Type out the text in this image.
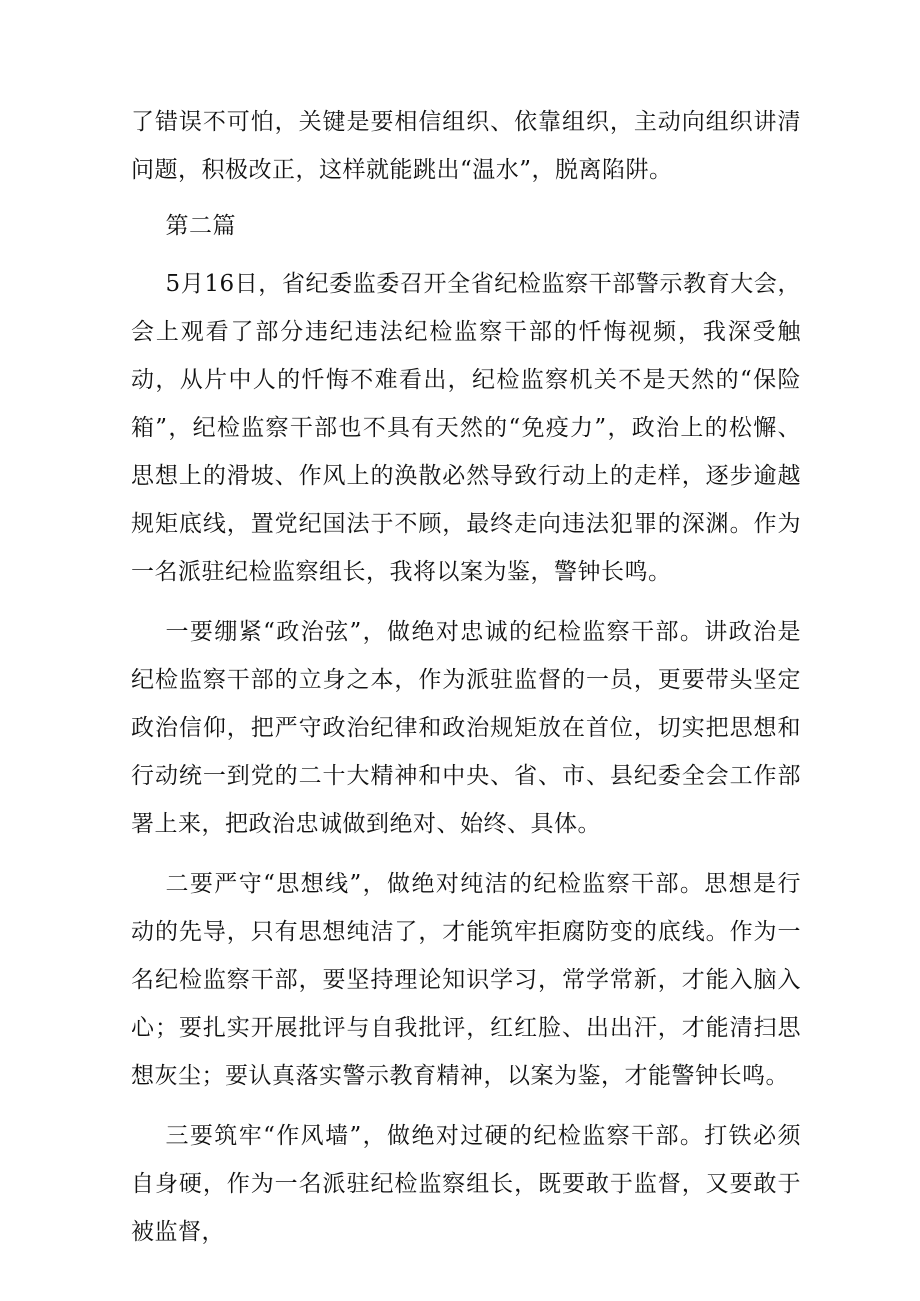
了错误不可怕，关键是要相信组织、依靠组织，主动向组织讲清问题，积极改正，这样就能跳出“温水”，脱离陷阱。

第二篇

5月16日，省纪委监委召开全省纪检监察干部警示教育大会，会上观看了部分违纪违法纪检监察干部的忏悔视频，我深受触动，从片中人的忏悔不难看出，纪检监察机关不是天然的“保险箱”，纪检监察干部也不具有天然的“免疫力”，政治上的松懈、思想上的滑坡、作风上的涣散必然导致行动上的走样，逐步逾越规矩底线，置党纪国法于不顾，最终走向违法犯罪的深渊。作为一名派驻纪检监察组长，我将以案为鉴，警钟长鸣。

一要绷紧“政治弦”，做绝对忠诚的纪检监察干部。讲政治是纪检监察干部的立身之本，作为派驻监督的一员，更要带头坚定政治信仰，把严守政治纪律和政治规矩放在首位，切实把思想和行动统一到党的二十大精神和中央、省、市、县纪委全会工作部署上来，把政治忠诚做到绝对、始终、具体。

二要严守“思想线”，做绝对纯洁的纪检监察干部。思想是行动的先导，只有思想纯洁了，才能筑牢拒腐防变的底线。作为一名纪检监察干部，要坚持理论知识学习，常学常新，才能入脑入心；要扎实开展批评与自我批评，红红脸、出出汗，才能清扫思想灰尘；要认真落实警示教育精神，以案为鉴，才能警钟长鸣。

三要筑牢“作风墙”，做绝对过硬的纪检监察干部。打铁必须自身硬，作为一名派驻纪检监察组长，既要敢于监督，又要敢于被监督，
